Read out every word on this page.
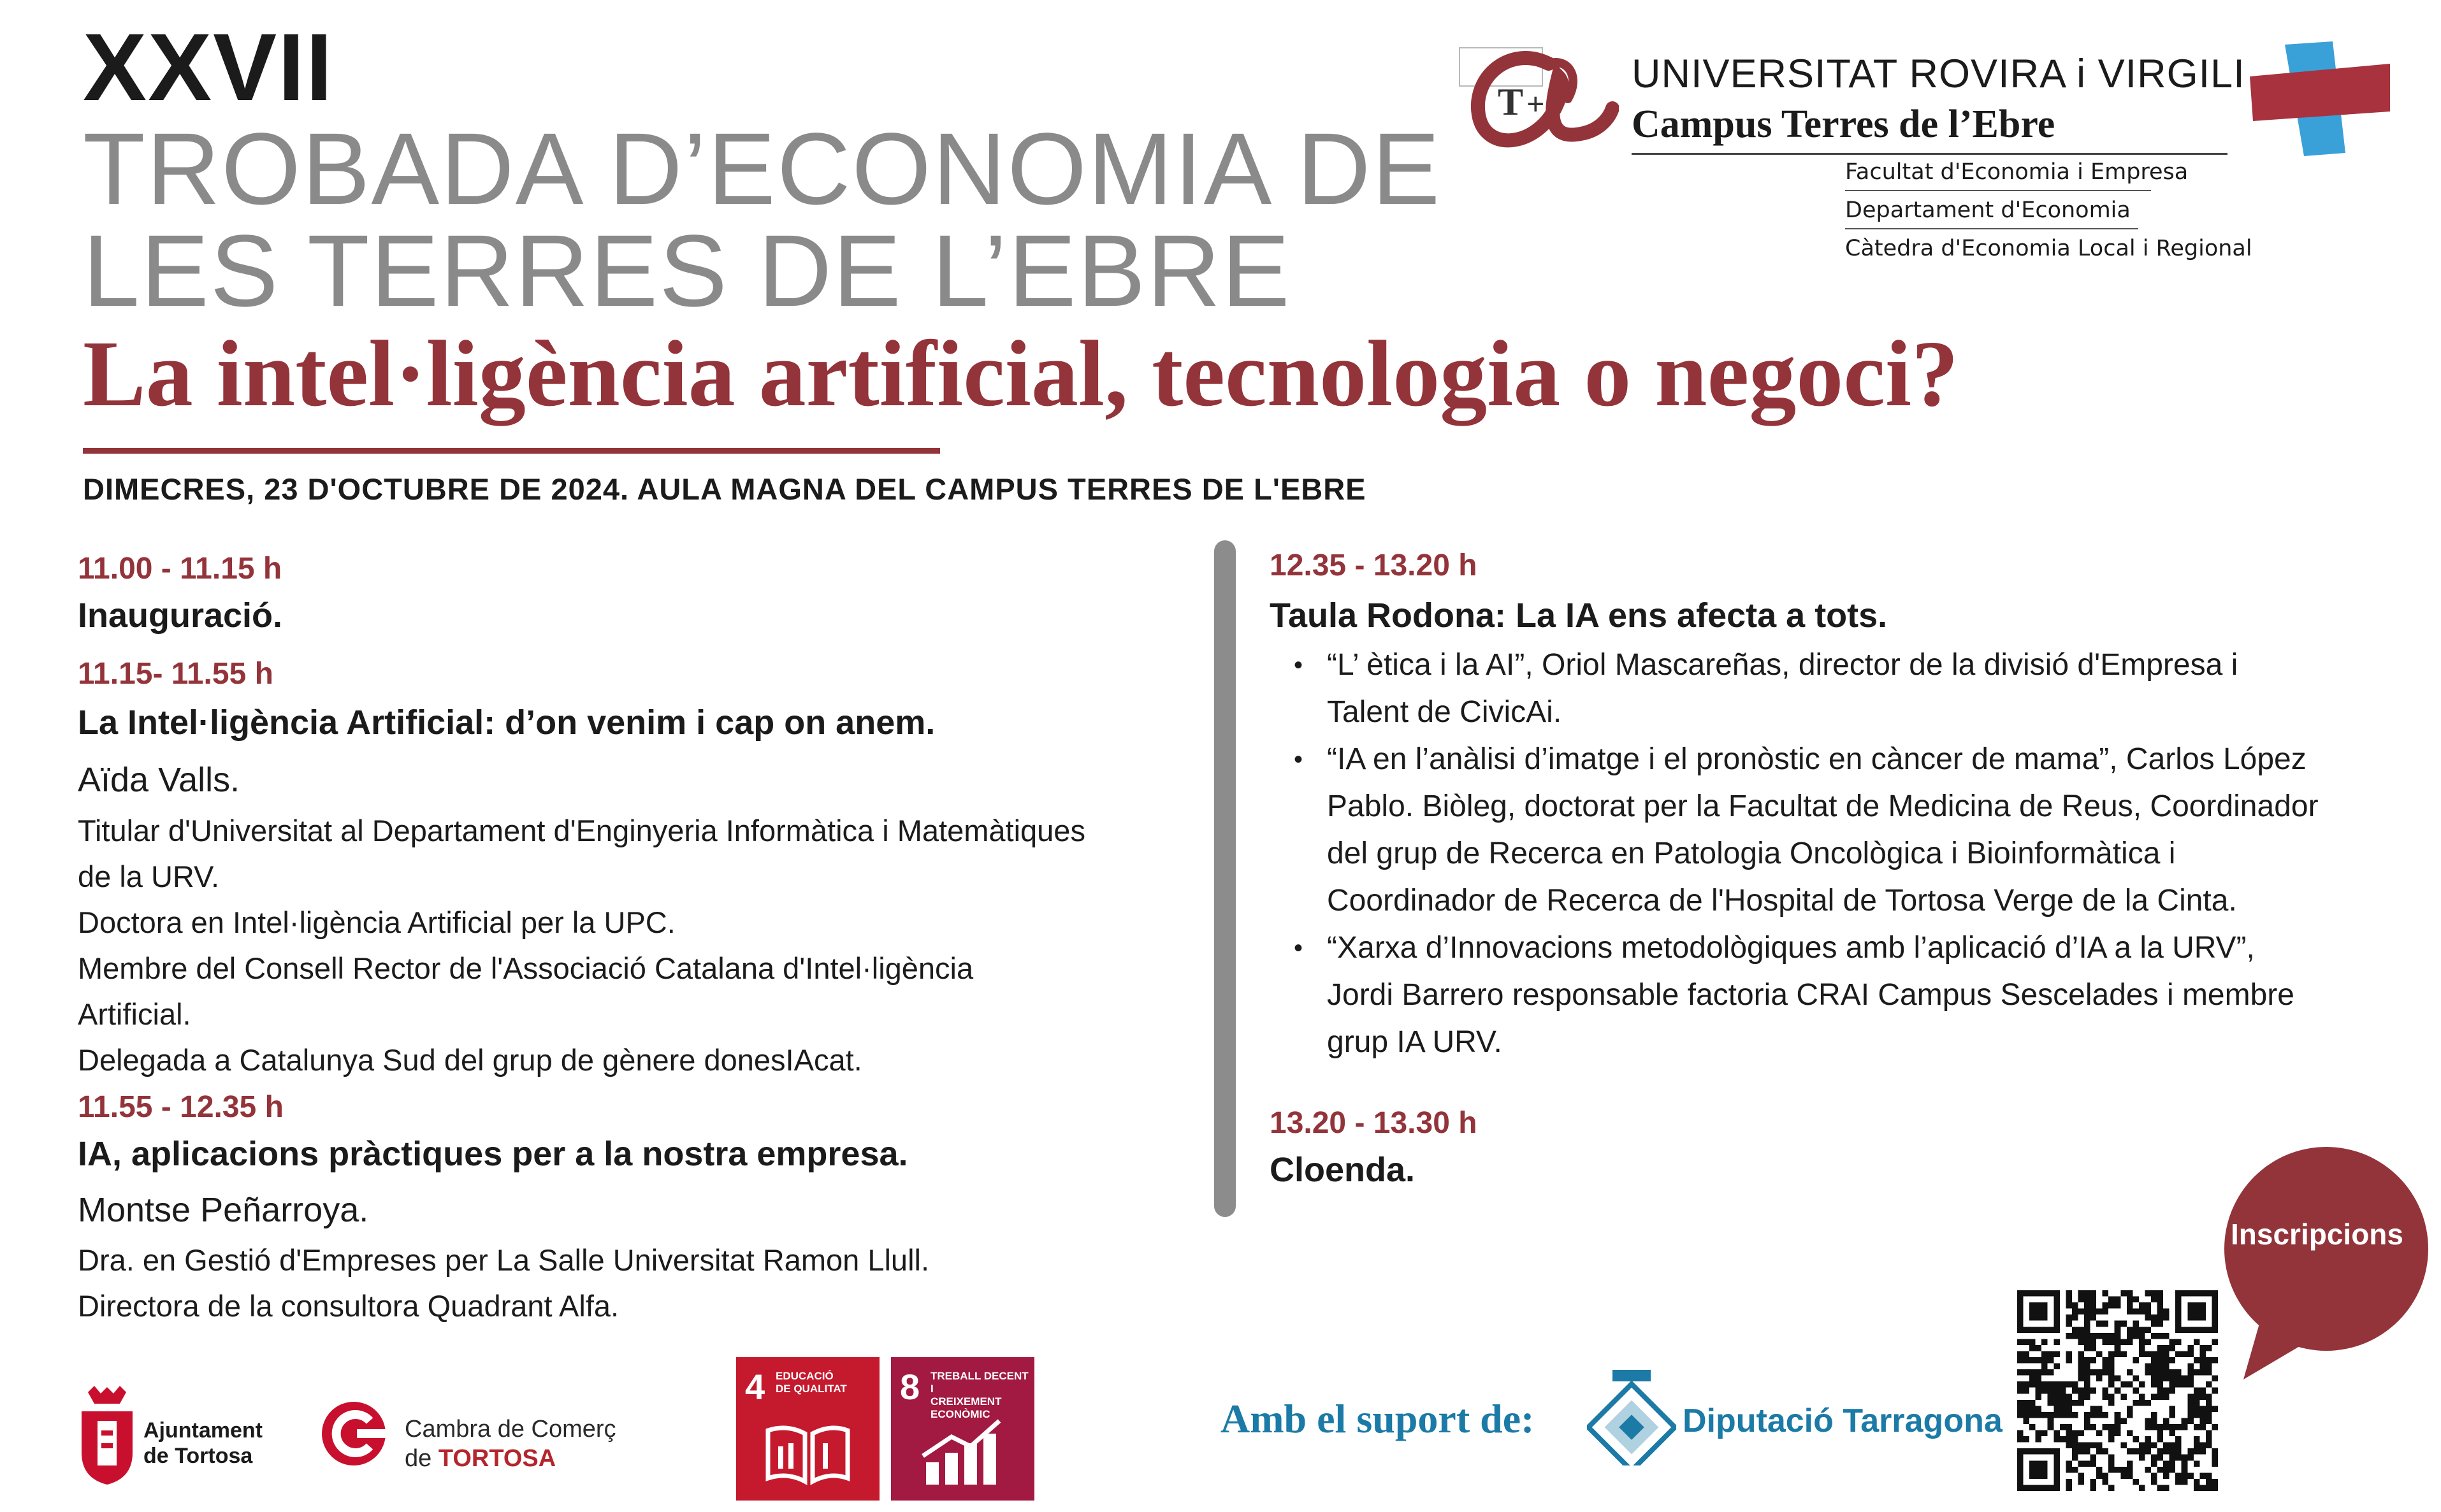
XXVII
TROBADA D’ECONOMIA DE
LES TERRES DE L’EBRE
La intel·ligència artificial, tecnologia o negoci?
DIMECRES, 23 D'OCTUBRE DE 2024. AULA MAGNA DEL CAMPUS TERRES DE L'EBRE
T +
UNIVERSITAT ROVIRA i VIRGILI
Campus Terres de l’Ebre
Facultat d'Economia i Empresa
Departament d'Economia
Càtedra d'Economia Local i Regional
11.00 - 11.15 h
Inauguració.
11.15- 11.55 h
La Intel·ligència Artificial: d’on venim i cap on anem.
Aïda Valls.
Titular d'Universitat al Departament d'Enginyeria Informàtica i Matemàtiques
de la URV.
Doctora en Intel·ligència Artificial per la UPC.
Membre del Consell Rector de l'Associació Catalana d'Intel·ligència
Artificial.
Delegada a Catalunya Sud del grup de gènere donesIAcat.
11.55 - 12.35 h
IA, aplicacions pràctiques per a la nostra empresa.
Montse Peñarroya.
Dra. en Gestió d'Empreses per La Salle Universitat Ramon Llull.
Directora de la consultora Quadrant Alfa.
12.35 - 13.20 h
Taula Rodona: La IA ens afecta a tots.
• “L’ ètica i la AI”, Oriol Mascareñas, director de la divisió d'Empresa i
Talent de CivicAi.
• “IA en l’anàlisi d’imatge i el pronòstic en càncer de mama”, Carlos López
Pablo. Biòleg, doctorat per la Facultat de Medicina de Reus, Coordinador
del grup de Recerca en Patologia Oncològica i Bioinformàtica i
Coordinador de Recerca de l'Hospital de Tortosa Verge de la Cinta.
• “Xarxa d’Innovacions metodològiques amb l’aplicació d’IA a la URV”,
Jordi Barrero responsable factoria CRAI Campus Sescelades i membre
grup IA URV.
13.20 - 13.30 h
Cloenda.
Ajuntament
de Tortosa
Cambra de Comerç
de TORTOSA
4 EDUCACIÓ
DE QUALITAT 8 TREBALL DECENT I
CREIXEMENT
ECONÒMIC	Amb el suport de:	Diputació Tarragona
Inscripcions
